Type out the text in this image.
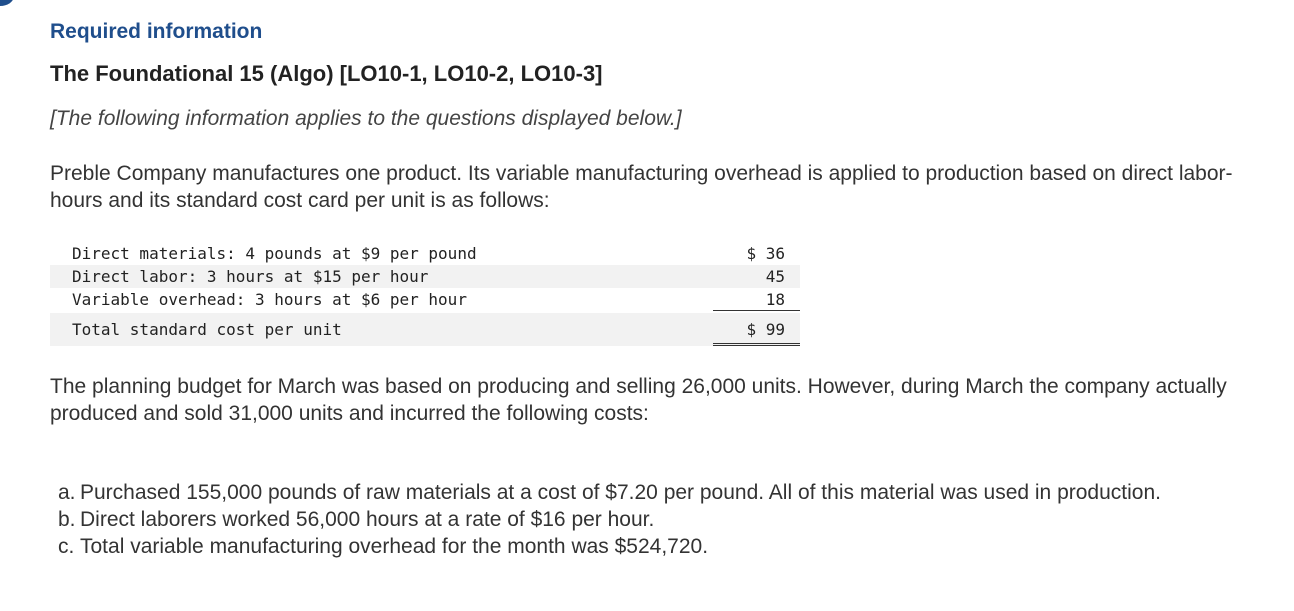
Required information
The Foundational 15 (Algo) [LO10-1, LO10-2, LO10-3]
[The following information applies to the questions displayed below.]
Preble Company manufactures one product. Its variable manufacturing overhead is applied to production based on direct labor-hours and its standard cost card per unit is as follows:
Direct materials: 4 pounds at $9 per pound	$ 36
Direct labor: 3 hours at $15 per hour	45
Variable overhead: 3 hours at $6 per hour	18
Total standard cost per unit	$ 99
The planning budget for March was based on producing and selling 26,000 units. However, during March the company actually produced and sold 31,000 units and incurred the following costs:
a. Purchased 155,000 pounds of raw materials at a cost of $7.20 per pound. All of this material was used in production.
b. Direct laborers worked 56,000 hours at a rate of $16 per hour.
c. Total variable manufacturing overhead for the month was $524,720.
